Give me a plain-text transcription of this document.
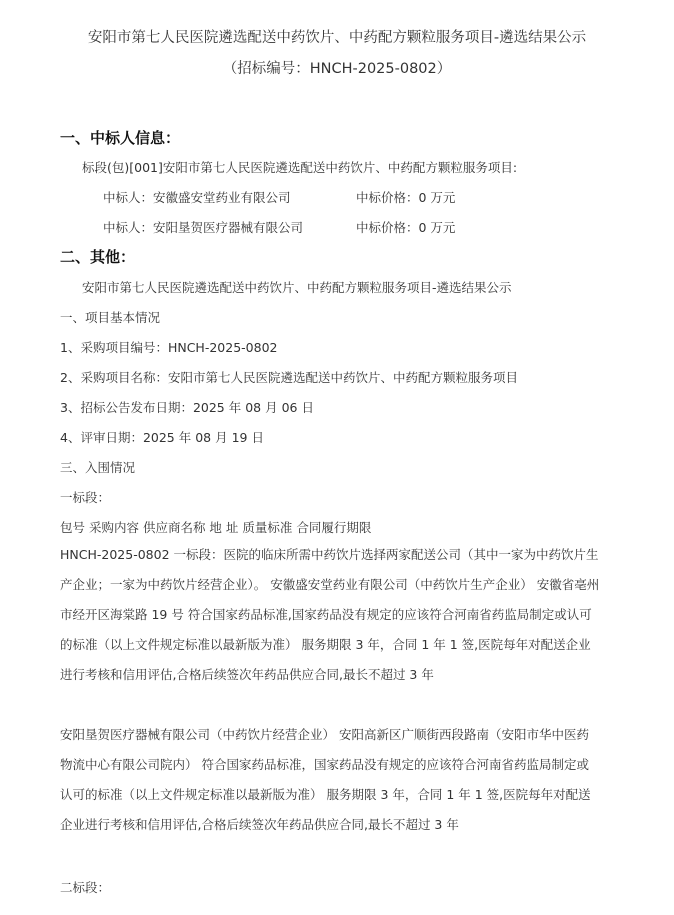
安阳市第七人民医院遴选配送中药饮片、中药配方颗粒服务项目-遴选结果公示
（招标编号：HNCH-2025-0802）
一、中标人信息：
标段(包)[001]安阳市第七人民医院遴选配送中药饮片、中药配方颗粒服务项目:
中标人：安徽盛安堂药业有限公司	中标价格：0 万元
中标人：安阳垦贺医疗器械有限公司	中标价格：0 万元
二、其他：
安阳市第七人民医院遴选配送中药饮片、中药配方颗粒服务项目-遴选结果公示
一、项目基本情况
1、采购项目编号：HNCH-2025-0802
2、采购项目名称：安阳市第七人民医院遴选配送中药饮片、中药配方颗粒服务项目
3、招标公告发布日期：2025 年 08 月 06 日
4、评审日期：2025 年 08 月 19 日
三、入围情况
一标段：
包号 采购内容 供应商名称 地 址 质量标准 合同履行期限
HNCH-2025-0802 一标段：医院的临床所需中药饮片选择两家配送公司（其中一家为中药饮片生产企业；一家为中药饮片经营企业）。 安徽盛安堂药业有限公司（中药饮片生产企业） 安徽省亳州市经开区海棠路 19 号 符合国家药品标准,国家药品没有规定的应该符合河南省药监局制定或认可的标准（以上文件规定标准以最新版为准） 服务期限 3 年，合同 1 年 1 签,医院每年对配送企业进行考核和信用评估,合格后续签次年药品供应合同,最长不超过 3 年
安阳垦贺医疗器械有限公司（中药饮片经营企业） 安阳高新区广顺街西段路南（安阳市华中医药物流中心有限公司院内） 符合国家药品标准，国家药品没有规定的应该符合河南省药监局制定或认可的标准（以上文件规定标准以最新版为准） 服务期限 3 年，合同 1 年 1 签,医院每年对配送企业进行考核和信用评估,合格后续签次年药品供应合同,最长不超过 3 年
二标段：
